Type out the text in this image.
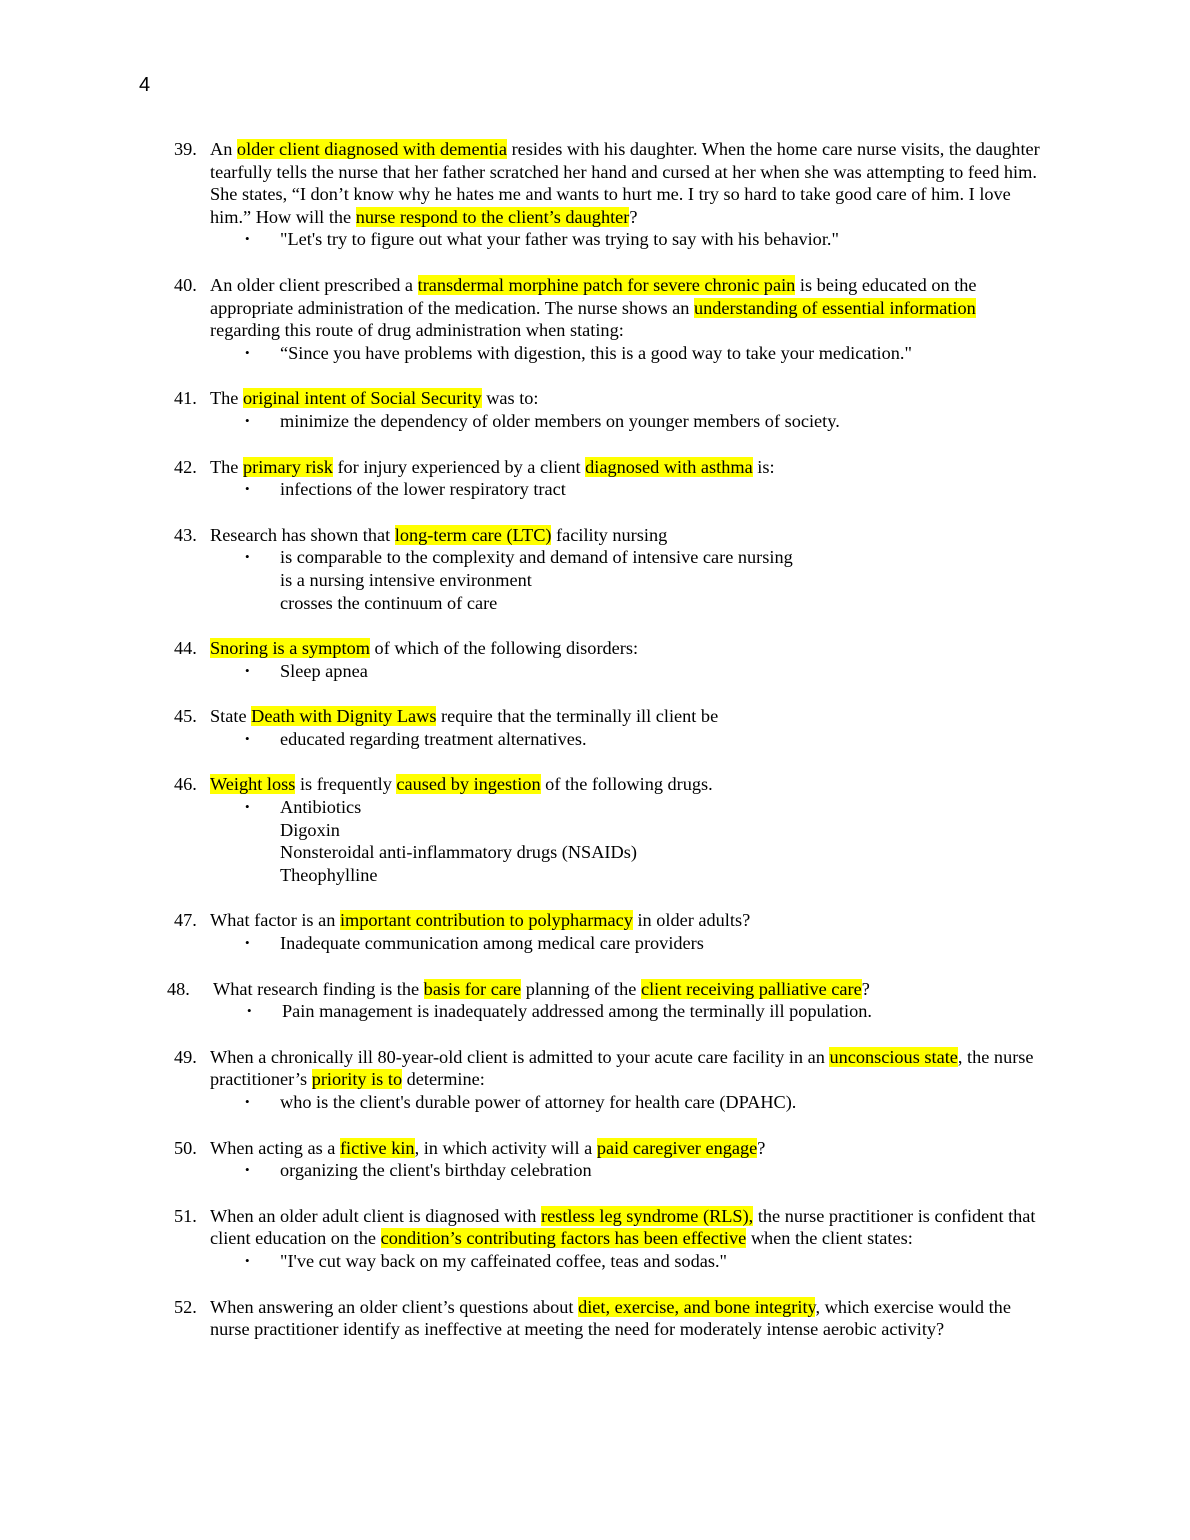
4
39. An older client diagnosed with dementia resides with his daughter. When the home care nurse visits, the daughter tearfully tells the nurse that her father scratched her hand and cursed at her when she was attempting to feed him. She states, “I don’t know why he hates me and wants to hurt me. I try so hard to take good care of him. I love him.” How will the nurse respond to the client’s daughter?
• "Let's try to figure out what your father was trying to say with his behavior."
40. An older client prescribed a transdermal morphine patch for severe chronic pain is being educated on the appropriate administration of the medication. The nurse shows an understanding of essential information regarding this route of drug administration when stating:
• “Since you have problems with digestion, this is a good way to take your medication."
41. The original intent of Social Security was to:
• minimize the dependency of older members on younger members of society.
42. The primary risk for injury experienced by a client diagnosed with asthma is:
• infections of the lower respiratory tract
43. Research has shown that long-term care (LTC) facility nursing
• is comparable to the complexity and demand of intensive care nursing
is a nursing intensive environment
crosses the continuum of care
44. Snoring is a symptom of which of the following disorders:
• Sleep apnea
45. State Death with Dignity Laws require that the terminally ill client be
• educated regarding treatment alternatives.
46. Weight loss is frequently caused by ingestion of the following drugs.
• Antibiotics
Digoxin
Nonsteroidal anti-inflammatory drugs (NSAIDs)
Theophylline
47. What factor is an important contribution to polypharmacy in older adults?
• Inadequate communication among medical care providers
48. What research finding is the basis for care planning of the client receiving palliative care?
• Pain management is inadequately addressed among the terminally ill population.
49. When a chronically ill 80-year-old client is admitted to your acute care facility in an unconscious state, the nurse practitioner’s priority is to determine:
• who is the client's durable power of attorney for health care (DPAHC).
50. When acting as a fictive kin, in which activity will a paid caregiver engage?
• organizing the client's birthday celebration
51. When an older adult client is diagnosed with restless leg syndrome (RLS), the nurse practitioner is confident that client education on the condition’s contributing factors has been effective when the client states:
• "I've cut way back on my caffeinated coffee, teas and sodas."
52. When answering an older client’s questions about diet, exercise, and bone integrity, which exercise would the nurse practitioner identify as ineffective at meeting the need for moderately intense aerobic activity?
